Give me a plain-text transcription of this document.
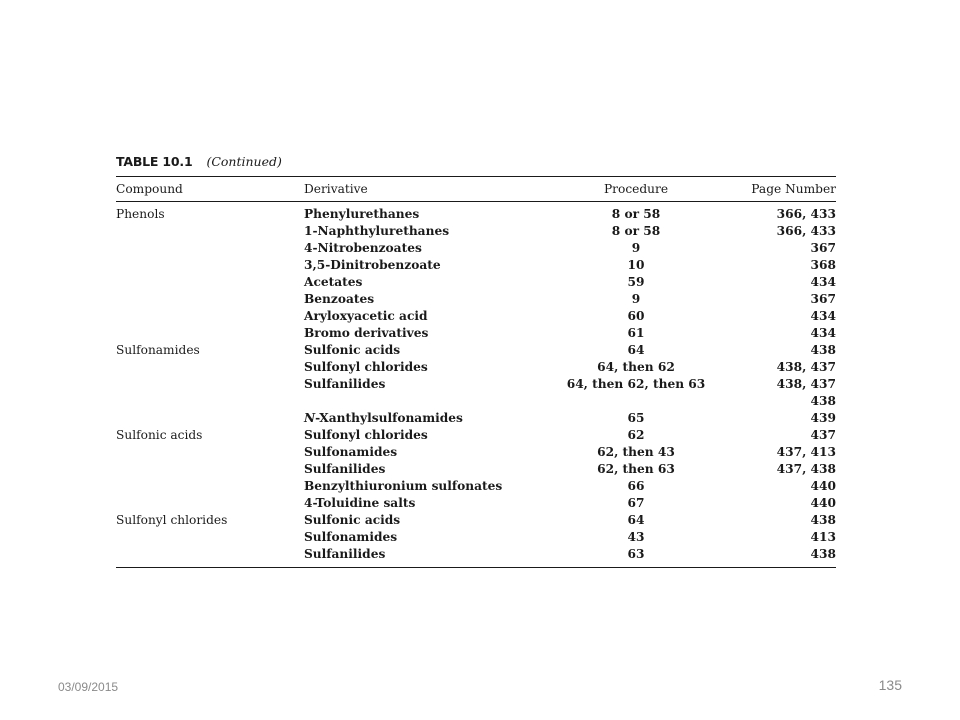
TABLE 10.1 (Continued)
Compound	Derivative	Procedure	Page Number
Phenols	Phenylurethanes	8 or 58	366, 433
	1-Naphthylurethanes	8 or 58	366, 433
	4-Nitrobenzoates	9	367
	3,5-Dinitrobenzoate	10	368
	Acetates	59	434
	Benzoates	9	367
	Aryloxyacetic acid	60	434
	Bromo derivatives	61	434
Sulfonamides	Sulfonic acids	64	438
	Sulfonyl chlorides	64, then 62	438, 437
	Sulfanilides	64, then 62, then 63	438, 437
			438
	N-Xanthylsulfonamides	65	439
Sulfonic acids	Sulfonyl chlorides	62	437
	Sulfonamides	62, then 43	437, 413
	Sulfanilides	62, then 63	437, 438
	Benzylthiuronium sulfonates	66	440
	4-Toluidine salts	67	440
Sulfonyl chlorides	Sulfonic acids	64	438
	Sulfonamides	43	413
	Sulfanilides	63	438
03/09/2015	135
